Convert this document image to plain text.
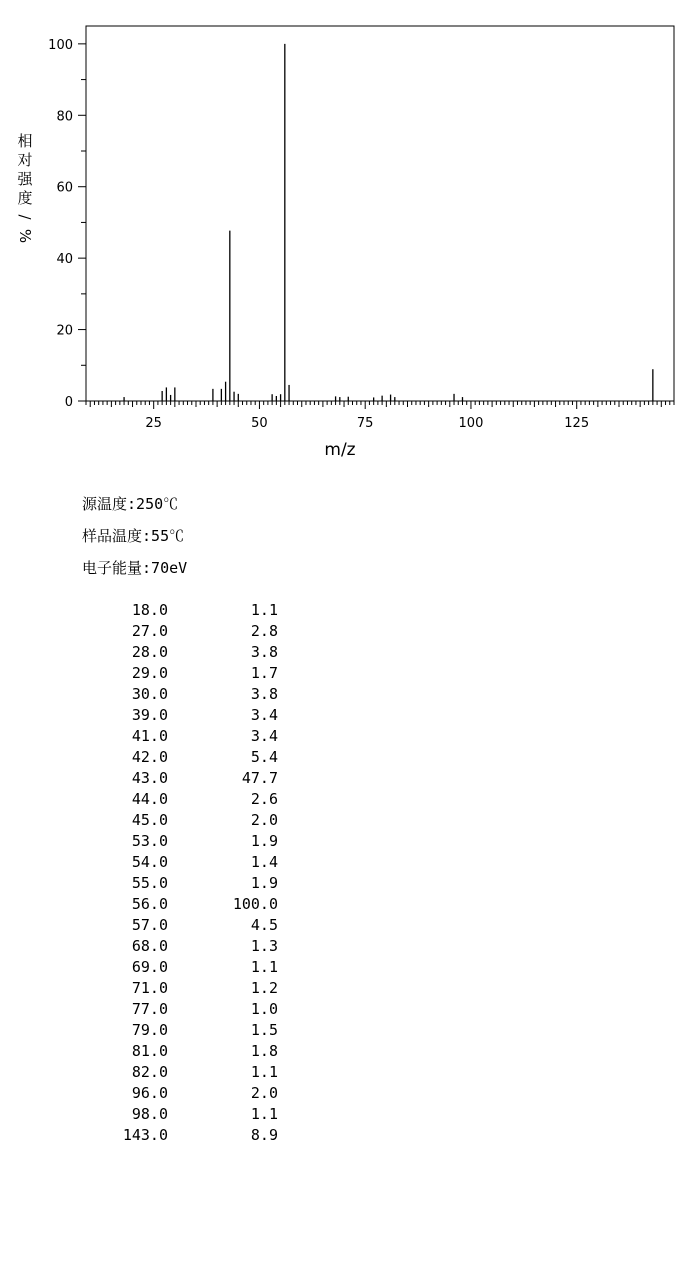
25	50	75	100	125
0
20
40
60
80
100
m/z
相
对
强
度
/
%
源温度:250℃
样品温度:55℃
电子能量:70eV
18.0	1.1
27.0	2.8
28.0	3.8
29.0	1.7
30.0	3.8
39.0	3.4
41.0	3.4
42.0	5.4
43.0	47.7
44.0	2.6
45.0	2.0
53.0	1.9
54.0	1.4
55.0	1.9
56.0	100.0
57.0	4.5
68.0	1.3
69.0	1.1
71.0	1.2
77.0	1.0
79.0	1.5
81.0	1.8
82.0	1.1
96.0	2.0
98.0	1.1
143.0	8.9
